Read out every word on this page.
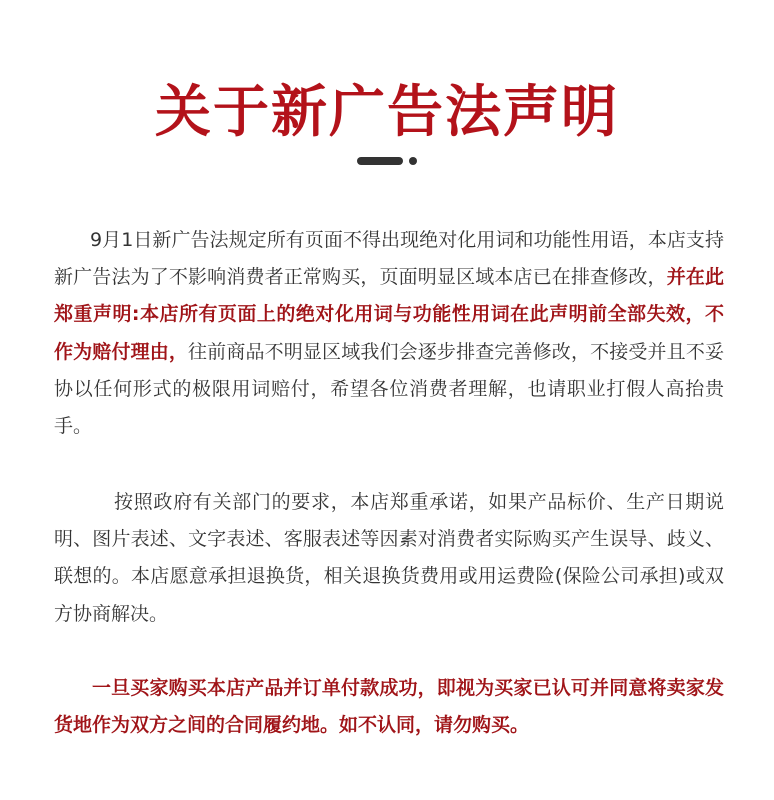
关于新广告法声明

9月1日新广告法规定所有页面不得出现绝对化用词和功能性用语，本店支持新广告法为了不影响消费者正常购买，页面明显区域本店已在排查修改，并在此郑重声明:本店所有页面上的绝对化用词与功能性用词在此声明前全部失效，不作为赔付理由，往前商品不明显区域我们会逐步排查完善修改，不接受并且不妥协以任何形式的极限用词赔付，希望各位消费者理解，也请职业打假人高抬贵手。

按照政府有关部门的要求，本店郑重承诺，如果产品标价、生产日期说明、图片表述、文字表述、客服表述等因素对消费者实际购买产生误导、歧义、联想的。本店愿意承担退换货，相关退换货费用或用运费险(保险公司承担)或双方协商解决。

一旦买家购买本店产品并订单付款成功，即视为买家已认可并同意将卖家发货地作为双方之间的合同履约地。如不认同，请勿购买。
